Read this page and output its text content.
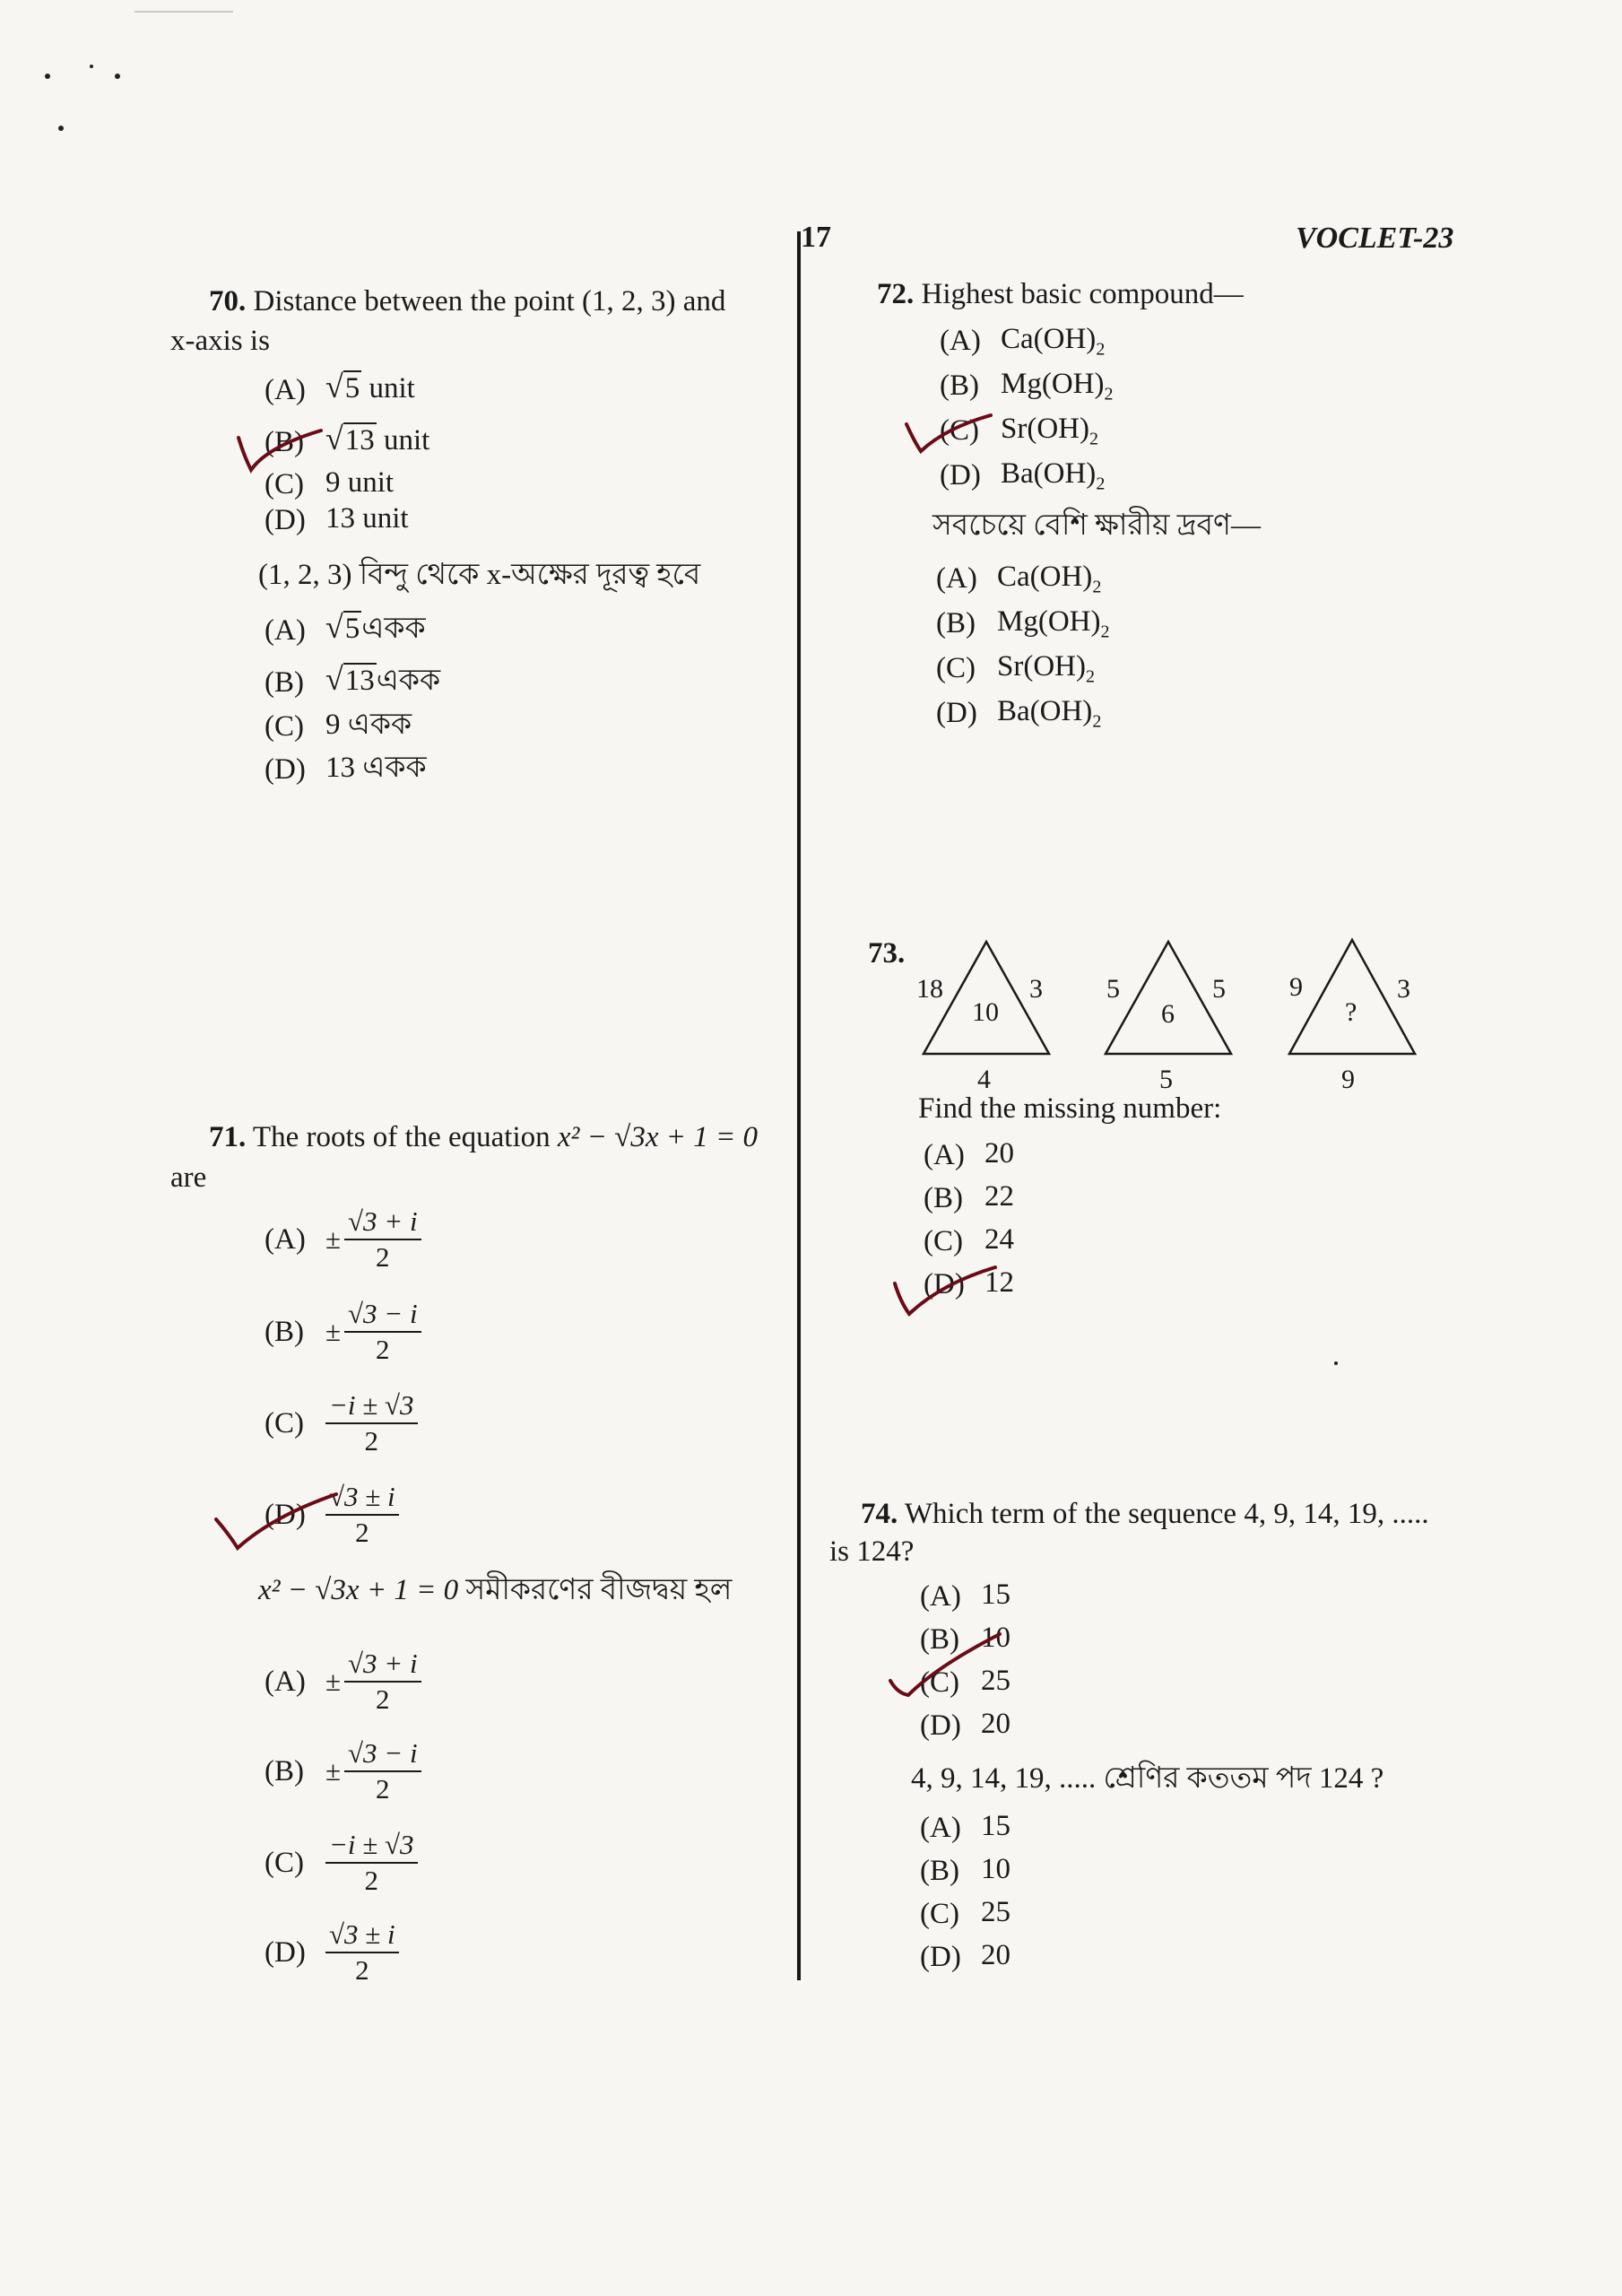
17	VOCLET-23
70. Distance between the point (1, 2, 3) and
x-axis is
(A) √5 unit
(B) √13 unit
(C) 9 unit
(D) 13 unit
(1, 2, 3) বিন্দু থেকে x-অক্ষের দূরত্ব হবে
(A) √5একক
(B) √13একক
(C) 9 একক
(D) 13 একক
71. The roots of the equation x² − √3x + 1 = 0
are
$(A) \pm \frac{√3 + i}{2}$
$(B) \pm \frac{√3 - i}{2}$
$(C) \frac{-i \pm √3}{2}$
$(D) \frac{√3 \pm i}{2}$
x² − √3x + 1 = 0 সমীকরণের বীজদ্বয় হল
$(A) \pm \frac{√3 + i}{2}$
$(B) \pm \frac{√3 - i}{2}$
$(C) \frac{-i \pm √3}{2}$
$(D) \frac{√3 \pm i}{2}$
72. Highest basic compound—
(A) $Ca(OH)_2$
(B) $Mg(OH)_2$
(C) $Sr(OH)_2$
(D) $Ba(OH)_2$
সবচেয়ে বেশি ক্ষারীয় দ্রবণ—
(A) $Ca(OH)_2$
(B) $Mg(OH)_2$
(C) $Sr(OH)_2$
(D) $Ba(OH)_2$
73.
18	3
10
4
5	5
6
5
9	3
?
9
Find the missing number:
(A) 20
(B) 22
(C) 24
(D) 12
74. Which term of the sequence 4, 9, 14, 19, .....
is 124?
(A) 15
(B) 10
(C) 25
(D) 20
4, 9, 14, 19, ..... শ্রেণির কততম পদ 124 ?
(A) 15
(B) 10
(C) 25
(D) 20
